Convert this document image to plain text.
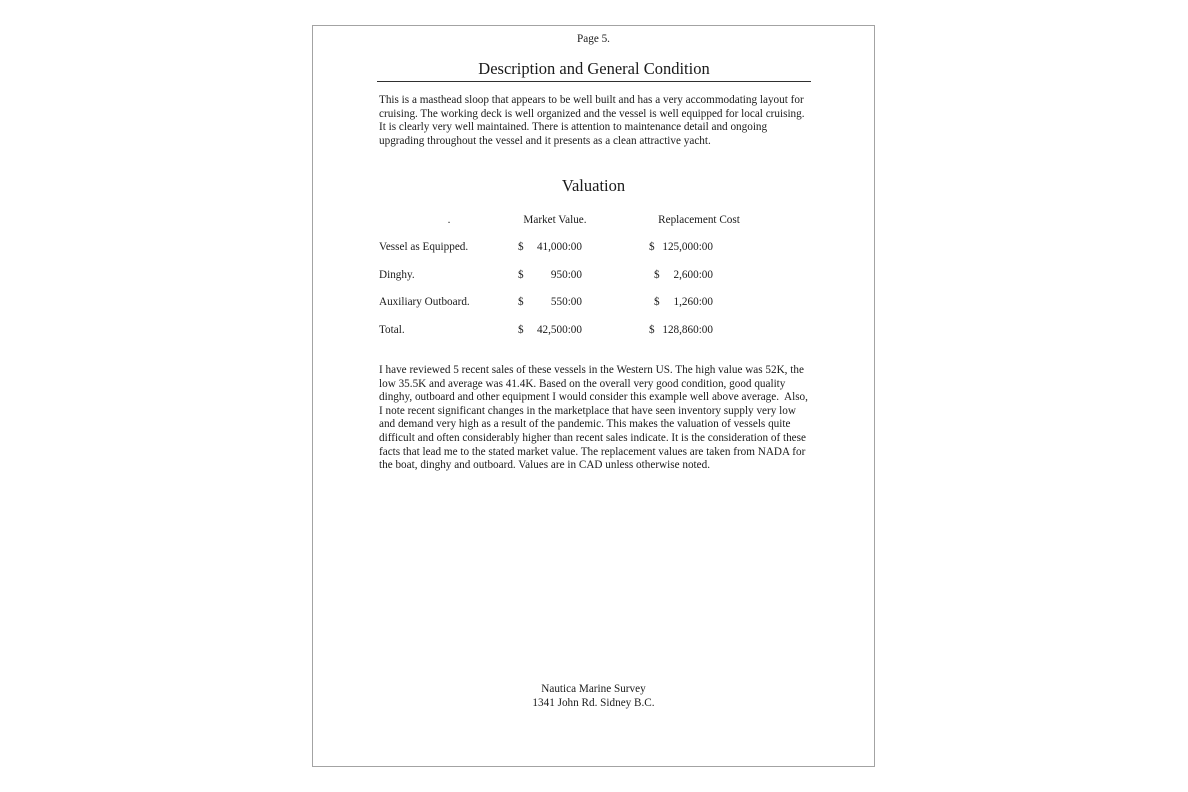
Page 5.
Description and General Condition

This is a masthead sloop that appears to be well built and has a very accommodating layout for cruising. The working deck is well organized and the vessel is well equipped for local cruising. It is clearly very well maintained. There is attention to maintenance detail and ongoing upgrading throughout the vessel and it presents as a clean attractive yacht.

Valuation
.	Market Value.	Replacement Cost
Vessel as Equipped.	$ 41,000:00	$ 125,000:00
Dinghy.	$ 950:00	$ 2,600:00
Auxiliary Outboard.	$ 550:00	$ 1,260:00
Total.	$ 42,500:00	$ 128,860:00

I have reviewed 5 recent sales of these vessels in the Western US. The high value was 52K, the low 35.5K and average was 41.4K. Based on the overall very good condition, good quality dinghy, outboard and other equipment I would consider this example well above average.  Also, I note recent significant changes in the marketplace that have seen inventory supply very low and demand very high as a result of the pandemic. This makes the valuation of vessels quite difficult and often considerably higher than recent sales indicate. It is the consideration of these facts that lead me to the stated market value. The replacement values are taken from NADA for the boat, dinghy and outboard. Values are in CAD unless otherwise noted.

Nautica Marine Survey
1341 John Rd. Sidney B.C.
